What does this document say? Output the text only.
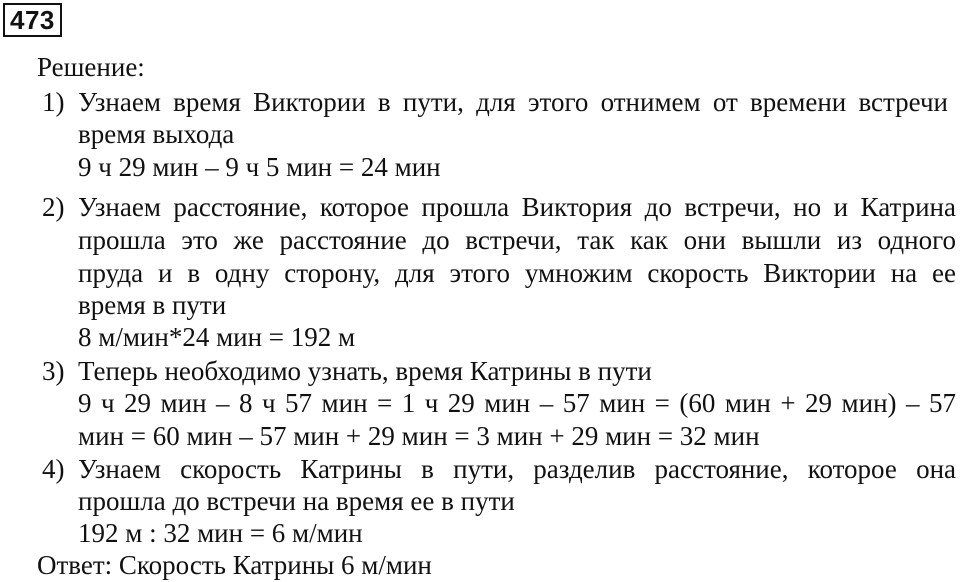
473
Решение:
1) Узнаем время Виктории в пути, для этого отнимем от времени встречи
время выхода
9 ч 29 мин – 9 ч 5 мин = 24 мин
2) Узнаем расстояние, которое прошла Виктория до встречи, но и Катрина
прошла это же расстояние до встречи, так как они вышли из одного
пруда и в одну сторону, для этого умножим скорость Виктории на ее
время в пути
8 м/мин*24 мин = 192 м
3) Теперь необходимо узнать, время Катрины в пути
9 ч 29 мин – 8 ч 57 мин = 1 ч 29 мин – 57 мин = (60 мин + 29 мин) – 57
мин = 60 мин – 57 мин + 29 мин = 3 мин + 29 мин = 32 мин
4) Узнаем скорость Катрины в пути, разделив расстояние, которое она
прошла до встречи на время ее в пути
192 м : 32 мин = 6 м/мин
Ответ: Скорость Катрины 6 м/мин
